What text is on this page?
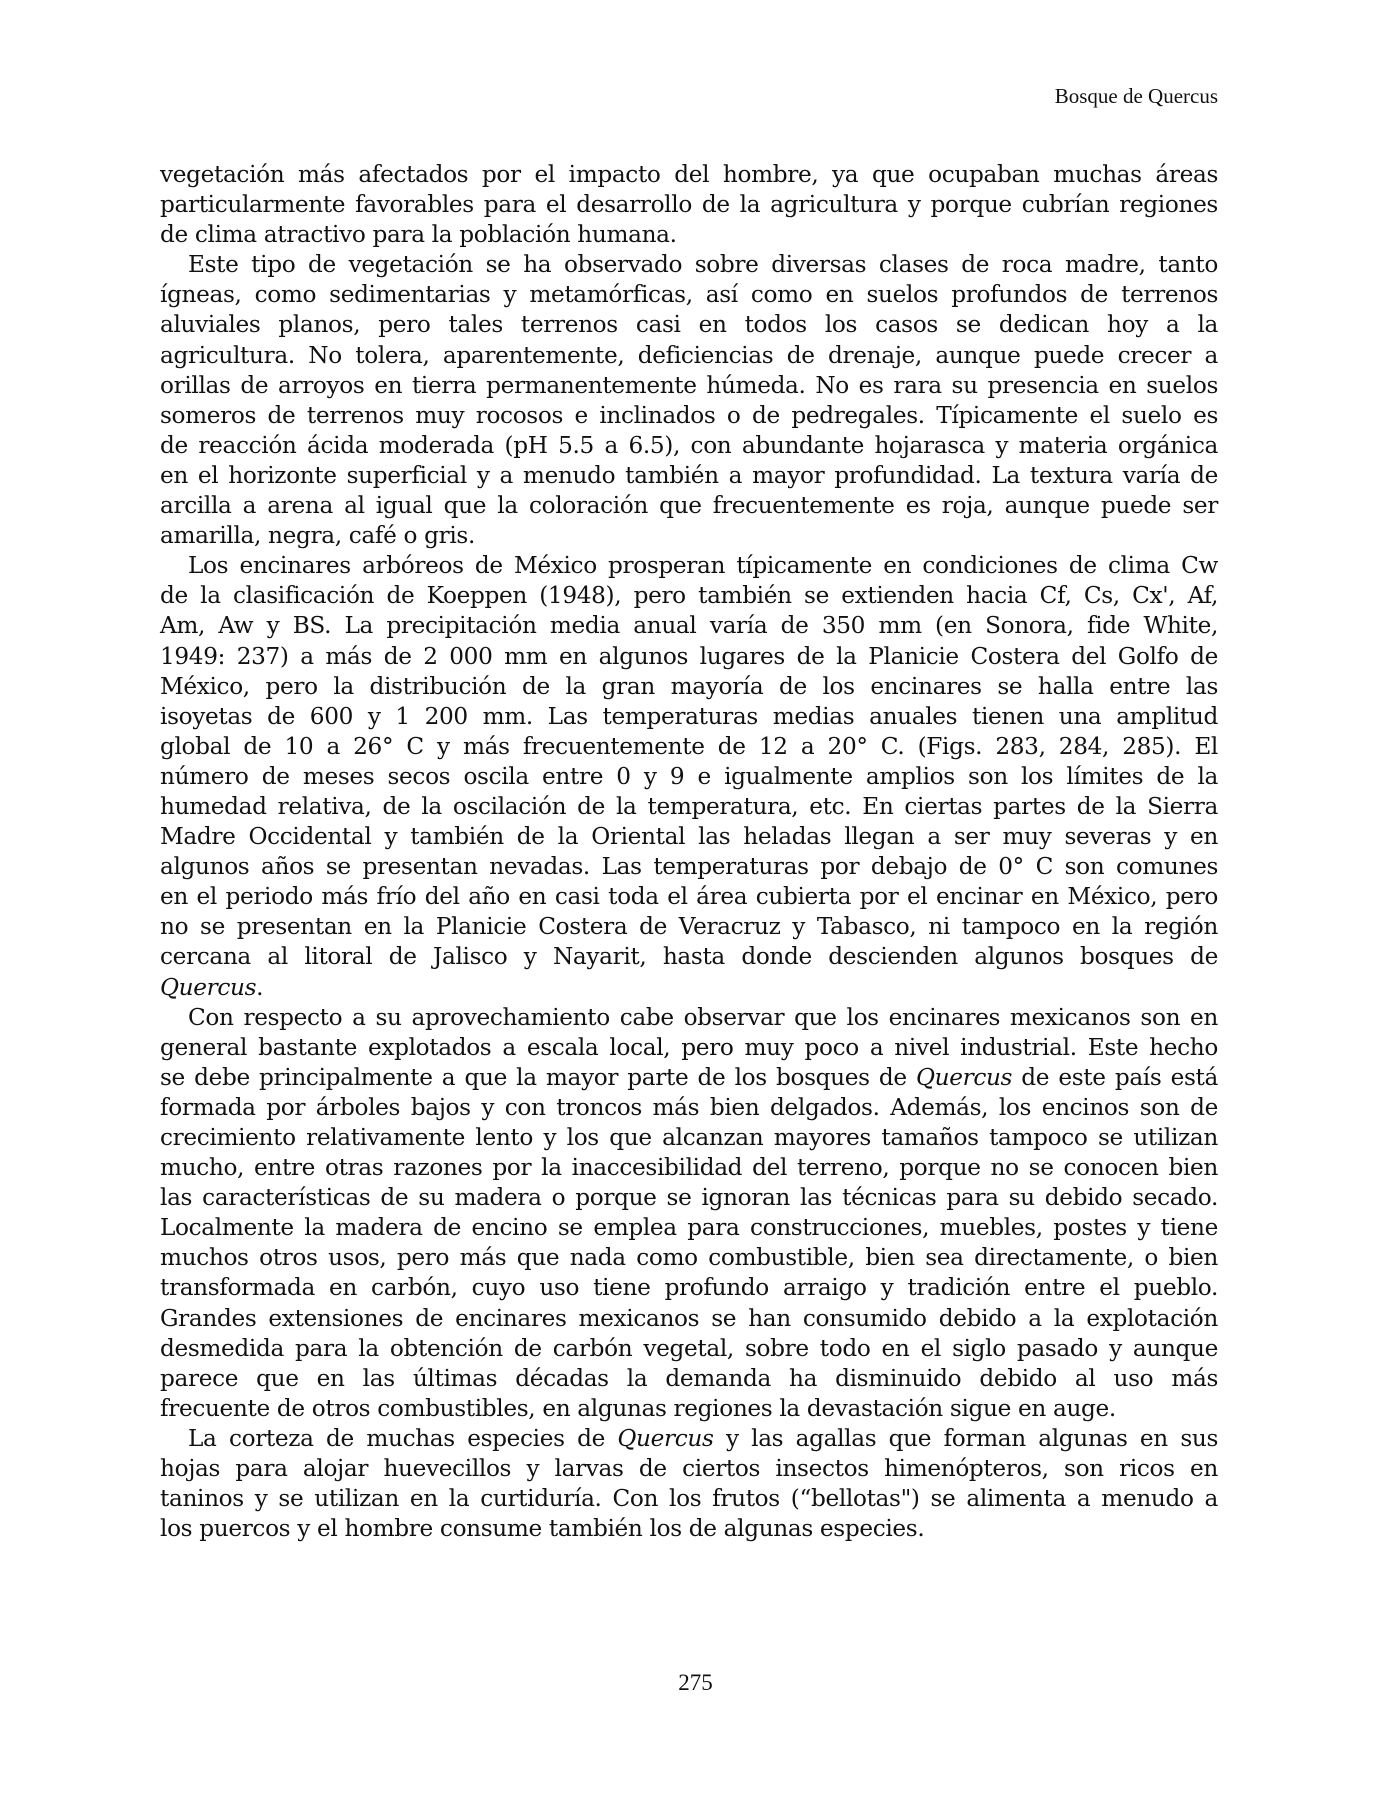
Bosque de Quercus
vegetación más afectados por el impacto del hombre, ya que ocupaban muchas áreas
particularmente favorables para el desarrollo de la agricultura y porque cubrían regiones
de clima atractivo para la población humana.
Este tipo de vegetación se ha observado sobre diversas clases de roca madre, tanto
ígneas, como sedimentarias y metamórficas, así como en suelos profundos de terrenos
aluviales planos, pero tales terrenos casi en todos los casos se dedican hoy a la
agricultura. No tolera, aparentemente, deficiencias de drenaje, aunque puede crecer a
orillas de arroyos en tierra permanentemente húmeda. No es rara su presencia en suelos
someros de terrenos muy rocosos e inclinados o de pedregales. Típicamente el suelo es
de reacción ácida moderada (pH 5.5 a 6.5), con abundante hojarasca y materia orgánica
en el horizonte superficial y a menudo también a mayor profundidad. La textura varía de
arcilla a arena al igual que la coloración que frecuentemente es roja, aunque puede ser
amarilla, negra, café o gris.
Los encinares arbóreos de México prosperan típicamente en condiciones de clima Cw
de la clasificación de Koeppen (1948), pero también se extienden hacia Cf, Cs, Cx', Af,
Am, Aw y BS. La precipitación media anual varía de 350 mm (en Sonora, fide White,
1949: 237) a más de 2 000 mm en algunos lugares de la Planicie Costera del Golfo de
México, pero la distribución de la gran mayoría de los encinares se halla entre las
isoyetas de 600 y 1 200 mm. Las temperaturas medias anuales tienen una amplitud
global de 10 a 26° C y más frecuentemente de 12 a 20° C. (Figs. 283, 284, 285). El
número de meses secos oscila entre 0 y 9 e igualmente amplios son los límites de la
humedad relativa, de la oscilación de la temperatura, etc. En ciertas partes de la Sierra
Madre Occidental y también de la Oriental las heladas llegan a ser muy severas y en
algunos años se presentan nevadas. Las temperaturas por debajo de 0° C son comunes
en el periodo más frío del año en casi toda el área cubierta por el encinar en México, pero
no se presentan en la Planicie Costera de Veracruz y Tabasco, ni tampoco en la región
cercana al litoral de Jalisco y Nayarit, hasta donde descienden algunos bosques de
Quercus.
Con respecto a su aprovechamiento cabe observar que los encinares mexicanos son en
general bastante explotados a escala local, pero muy poco a nivel industrial. Este hecho
se debe principalmente a que la mayor parte de los bosques de Quercus de este país está
formada por árboles bajos y con troncos más bien delgados. Además, los encinos son de
crecimiento relativamente lento y los que alcanzan mayores tamaños tampoco se utilizan
mucho, entre otras razones por la inaccesibilidad del terreno, porque no se conocen bien
las características de su madera o porque se ignoran las técnicas para su debido secado.
Localmente la madera de encino se emplea para construcciones, muebles, postes y tiene
muchos otros usos, pero más que nada como combustible, bien sea directamente, o bien
transformada en carbón, cuyo uso tiene profundo arraigo y tradición entre el pueblo.
Grandes extensiones de encinares mexicanos se han consumido debido a la explotación
desmedida para la obtención de carbón vegetal, sobre todo en el siglo pasado y aunque
parece que en las últimas décadas la demanda ha disminuido debido al uso más
frecuente de otros combustibles, en algunas regiones la devastación sigue en auge.
La corteza de muchas especies de Quercus y las agallas que forman algunas en sus
hojas para alojar huevecillos y larvas de ciertos insectos himenópteros, son ricos en
taninos y se utilizan en la curtiduría. Con los frutos (“bellotas") se alimenta a menudo a
los puercos y el hombre consume también los de algunas especies.
275
